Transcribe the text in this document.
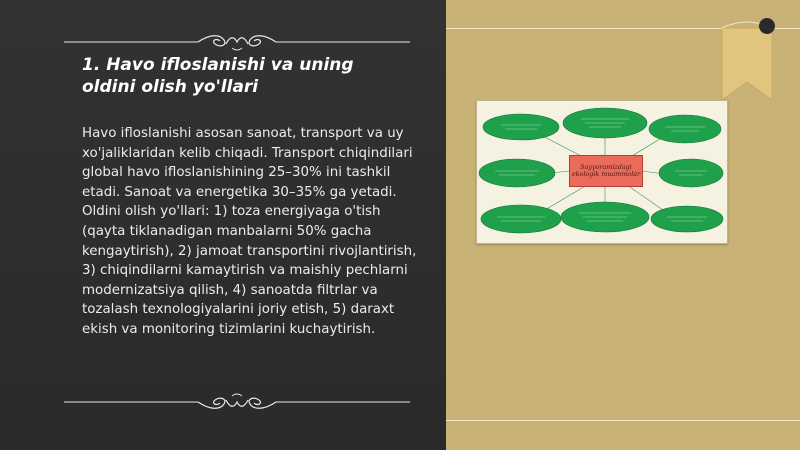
1. Havo ifloslanishi va uning oldini olish yo'llari
Havo ifloslanishi asosan sanoat, transport va uy xo'jaliklaridan kelib chiqadi. Transport chiqindilari global havo ifloslanishining 25–30% ini tashkil etadi. Sanoat va energetika 30–35% ga yetadi. Oldini olish yo'llari: 1) toza energiyaga o'tish (qayta tiklanadigan manbalarni 50% gacha kengaytirish), 2) jamoat transportini rivojlantirish, 3) chiqindilarni kamaytirish va maishiy pechlarni modernizatsiya qilish, 4) sanoatda filtrlar va tozalash texnologiyalarini joriy etish, 5) daraxt ekish va monitoring tizimlarini kuchaytirish.
Sayyoramizdagi ekologik muammolar
